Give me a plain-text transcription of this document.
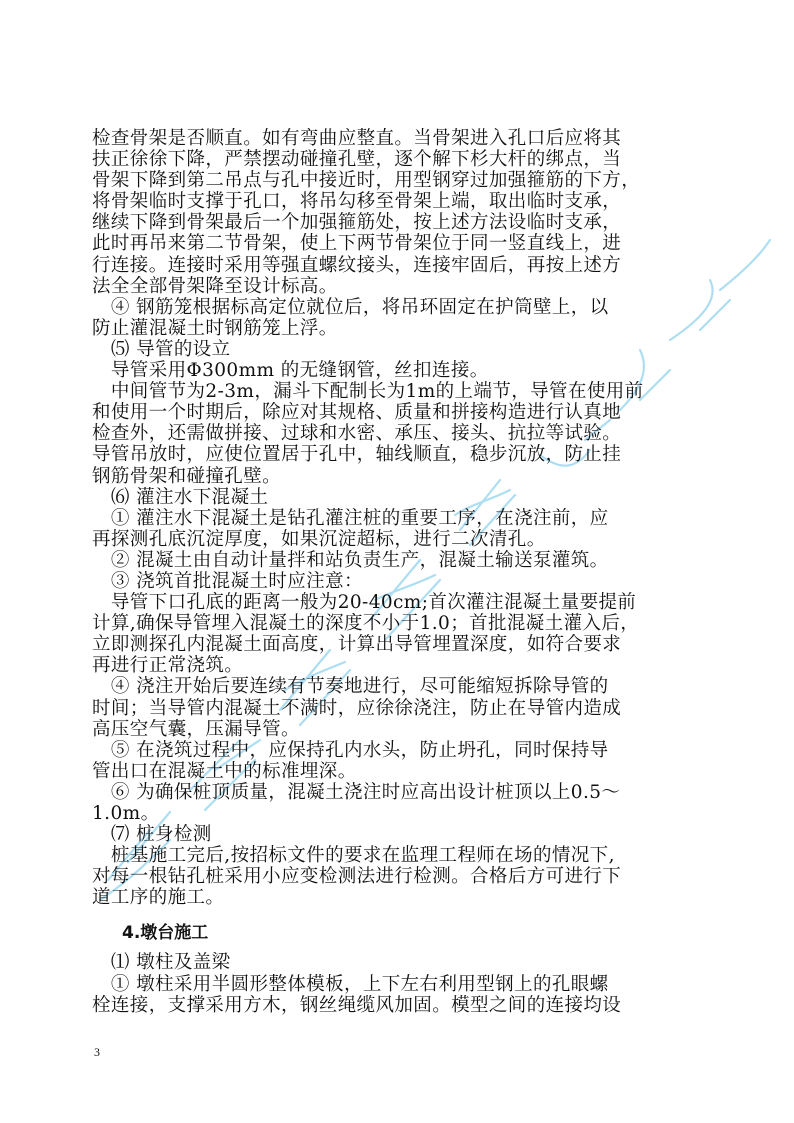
检查骨架是否顺直。如有弯曲应整直。当骨架进入孔口后应将其
扶正徐徐下降，严禁摆动碰撞孔壁，逐个解下杉大杆的绑点，当
骨架下降到第二吊点与孔中接近时，用型钢穿过加强箍筋的下方，
将骨架临时支撑于孔口，将吊勾移至骨架上端，取出临时支承，
继续下降到骨架最后一个加强箍筋处，按上述方法设临时支承，
此时再吊来第二节骨架，使上下两节骨架位于同一竖直线上，进
行连接。连接时采用等强直螺纹接头，连接牢固后，再按上述方
法全全部骨架降至设计标高。
　④ 钢筋笼根据标高定位就位后，将吊环固定在护筒壁上，以
防止灌混凝土时钢筋笼上浮。
　⑸ 导管的设立
　导管采用Φ300mm 的无缝钢管，丝扣连接。
　中间管节为2-3m，漏斗下配制长为1m的上端节，导管在使用前
和使用一个时期后，除应对其规格、质量和拼接构造进行认真地
检查外，还需做拼接、过球和水密、承压、接头、抗拉等试验。
导管吊放时，应使位置居于孔中，轴线顺直，稳步沉放，防止挂
钢筋骨架和碰撞孔壁。
　⑹ 灌注水下混凝土
　① 灌注水下混凝土是钻孔灌注桩的重要工序，在浇注前，应
再探测孔底沉淀厚度，如果沉淀超标，进行二次清孔。
　② 混凝土由自动计量拌和站负责生产，混凝土输送泵灌筑。
　③ 浇筑首批混凝土时应注意：
　导管下口孔底的距离一般为20-40cm;首次灌注混凝土量要提前
计算,确保导管埋入混凝土的深度不小于1.0；首批混凝土灌入后，
立即测探孔内混凝土面高度，计算出导管埋置深度，如符合要求
再进行正常浇筑。
　④ 浇注开始后要连续有节奏地进行，尽可能缩短拆除导管的
时间；当导管内混凝土不满时，应徐徐浇注，防止在导管内造成
高压空气囊，压漏导管。
　⑤ 在浇筑过程中，应保持孔内水头，防止坍孔，同时保持导
管出口在混凝土中的标准埋深。
　⑥ 为确保桩顶质量，混凝土浇注时应高出设计桩顶以上0.5～
1.0m。
　⑺ 桩身检测
　桩基施工完后,按招标文件的要求在监理工程师在场的情况下,
对每一根钻孔桩采用小应变检测法进行检测。合格后方可进行下
道工序的施工。
4.墩台施工
　⑴ 墩柱及盖梁
　① 墩柱采用半圆形整体模板，上下左右利用型钢上的孔眼螺
栓连接，支撑采用方木，钢丝绳缆风加固。模型之间的连接均设
3
